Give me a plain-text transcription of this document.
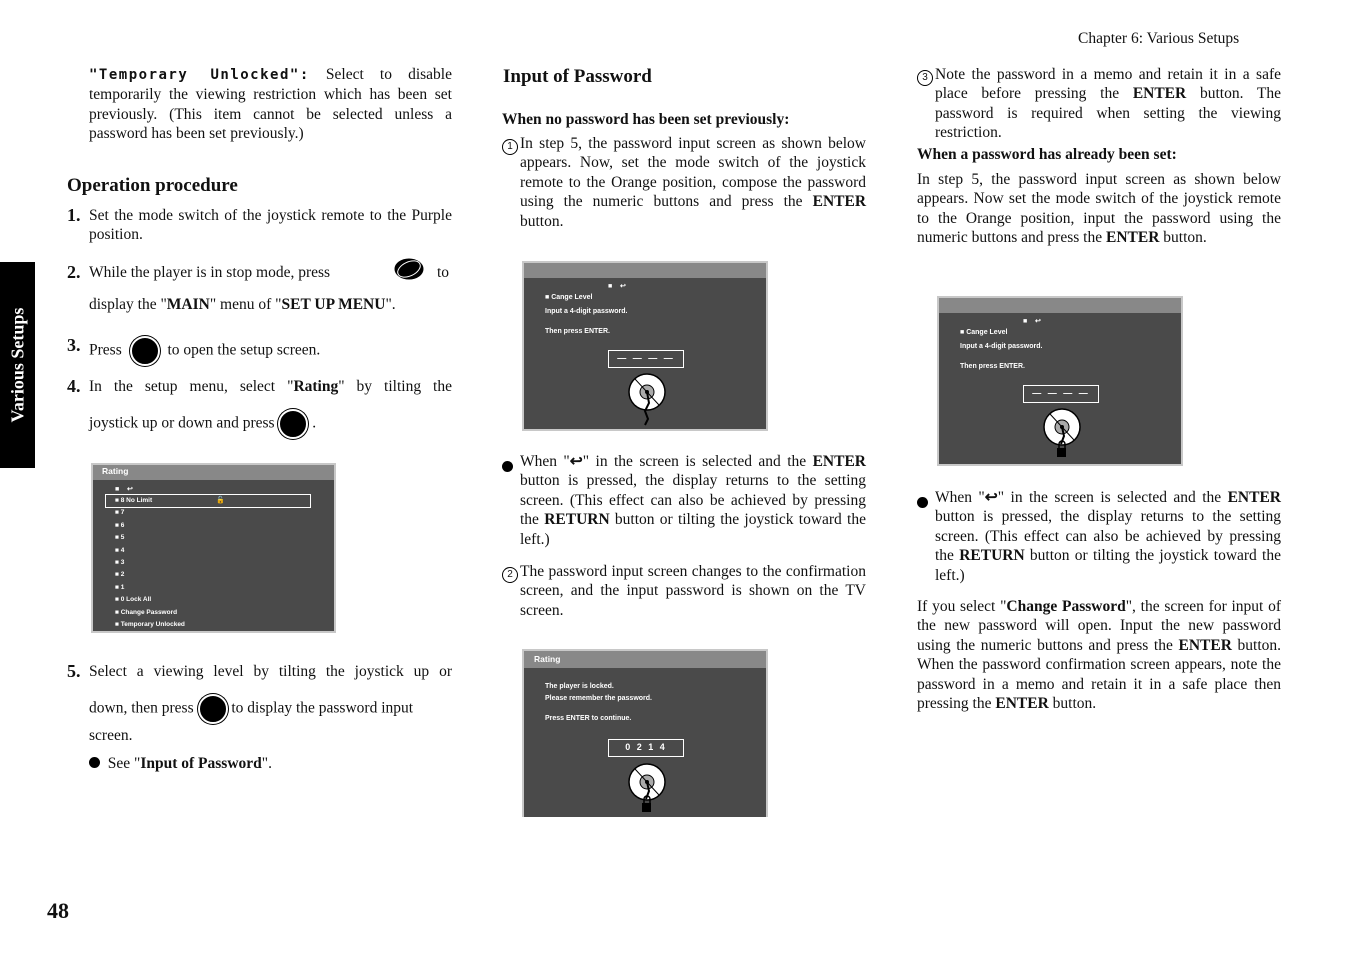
Chapter 6: Various Setups
Various Setups
48

"Temporary Unlocked": Select to disable temporarily the viewing restriction which has been set previously. (This item cannot be selected unless a password has been set previously.)

Operation procedure
1. Set the mode switch of the joystick remote to the Purple position.

2. While the player is in stop mode, press	to
display the "MAIN" menu of "SET UP MENU".
3. Press	to open the setup screen.
4. In the setup menu, select "Rating" by tilting the
joystick up or down and press .
Rating
■    ↩
🔓
■ 8 No Limit
■ 7
■ 6
■ 5
■ 4
■ 3
■ 2
■ 1
■ 0 Lock All
■ Change Password
■ Temporary Unlocked
5. Select a viewing level by tilting the joystick up or
down, then press to display the password input
screen.
See "Input of Password".
Input of Password
When no password has been set previously:
1 In step 5, the password input screen as shown below appears. Now, set the mode switch of the joystick remote to the Orange position, compose the password using the numeric buttons and press the ENTER button.

■    ↩
■ Cange Level
Input a 4-digit password.
Then press ENTER.
— — — —

When "↩" in the screen is selected and the ENTER button is pressed, the display returns to the setting screen. (This effect can also be achieved by pressing the RETURN button or tilting the joystick toward the left.)

2 The password input screen changes to the confirmation screen, and the input password is shown on the TV screen.

Rating
The player is locked.
Please remember the password.
Press ENTER to continue.
0 2 1 4
3 Note the password in a memo and retain it in a safe place before pressing the ENTER button. The password is required when setting the viewing restriction.

When a password has already been set:

In step 5, the password input screen as shown below appears. Now set the mode switch of the joystick remote to the Orange position, input the password using the numeric buttons and press the ENTER button.

■    ↩
■ Cange Level
Input a 4-digit password.
Then press ENTER.
— — — —

When "↩" in the screen is selected and the ENTER button is pressed, the display returns to the setting screen. (This effect can also be achieved by pressing the RETURN button or tilting the joystick toward the left.)

If you select "Change Password", the screen for input of the new password will open. Input the new password using the numeric buttons and press the ENTER button. When the password confirmation screen appears, note the password in a memo and retain it in a safe place then pressing the ENTER button.
